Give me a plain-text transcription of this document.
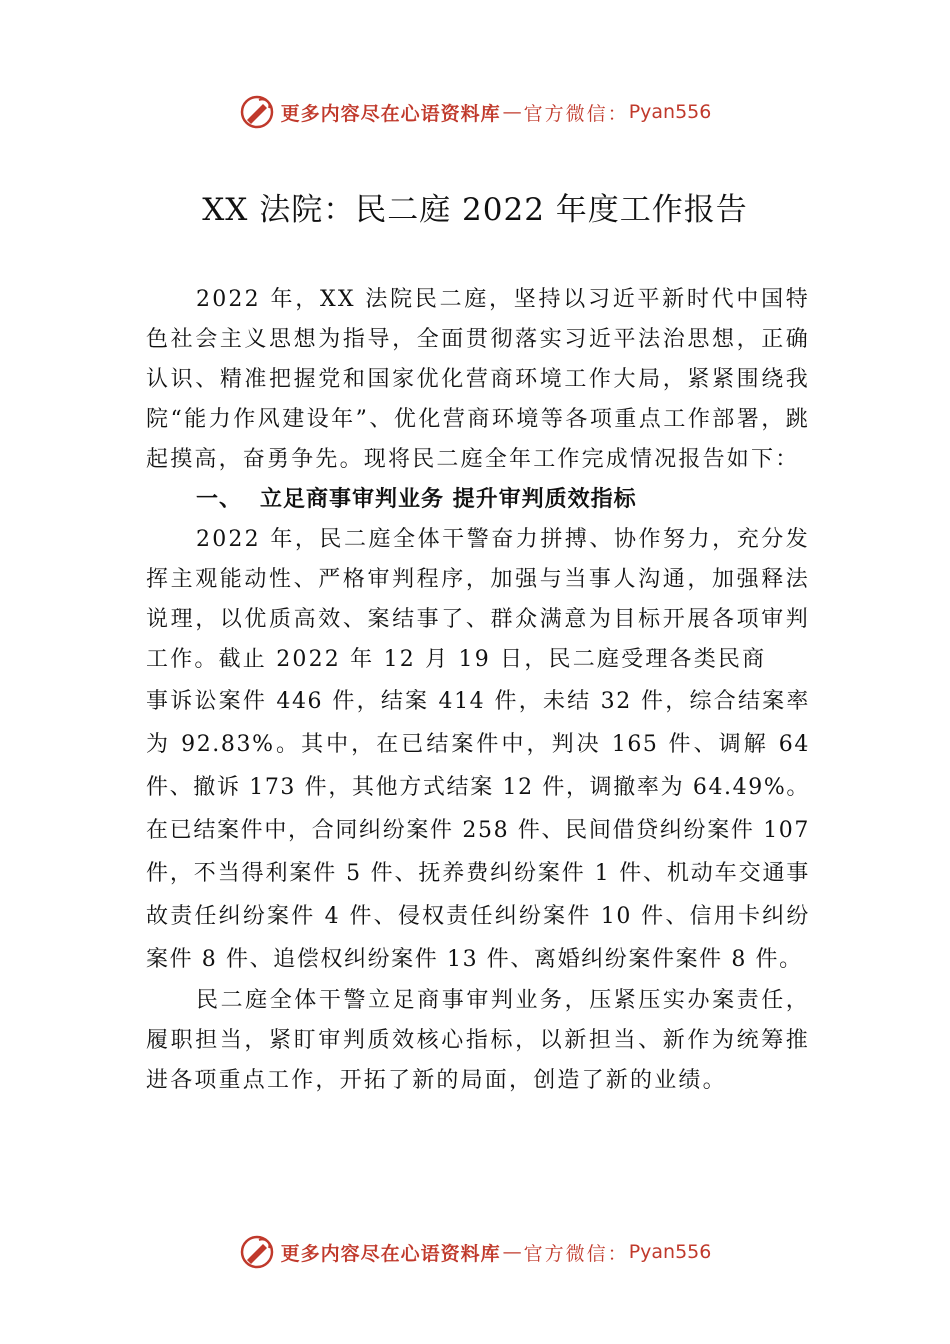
更多内容尽在心语资料库 — 官方微信： Pyan556
XX 法院：民二庭 2022 年度工作报告

2022 年，XX 法院民二庭，坚持以习近平新时代中国特色社会主义思想为指导，全面贯彻落实习近平法治思想，正确认识、精准把握党和国家优化营商环境工作大局，紧紧围绕我院“能力作风建设年”、优化营商环境等各项重点工作部署，跳起摸高，奋勇争先。现将民二庭全年工作完成情况报告如下：

一、 立足商事审判业务 提升审判质效指标

2022 年，民二庭全体干警奋力拼搏、协作努力，充分发挥主观能动性、严格审判程序，加强与当事人沟通，加强释法说理，以优质高效、案结事了、群众满意为目标开展各项审判工作。截止 2022 年 12 月 19 日，民二庭受理各类民商

事诉讼案件 446 件，结案 414 件，未结 32 件，综合结案率为 92.83%。其中，在已结案件中，判决 165 件、调解 64 件、撤诉 173 件，其他方式结案 12 件，调撤率为 64.49%。在已结案件中，合同纠纷案件 258 件、民间借贷纠纷案件 107 件，不当得利案件 5 件、抚养费纠纷案件 1 件、机动车交通事故责任纠纷案件 4 件、侵权责任纠纷案件 10 件、信用卡纠纷案件 8 件、追偿权纠纷案件 13 件、离婚纠纷案件案件 8 件。

民二庭全体干警立足商事审判业务，压紧压实办案责任，履职担当，紧盯审判质效核心指标，以新担当、新作为统筹推进各项重点工作，开拓了新的局面，创造了新的业绩。

更多内容尽在心语资料库 — 官方微信： Pyan556
